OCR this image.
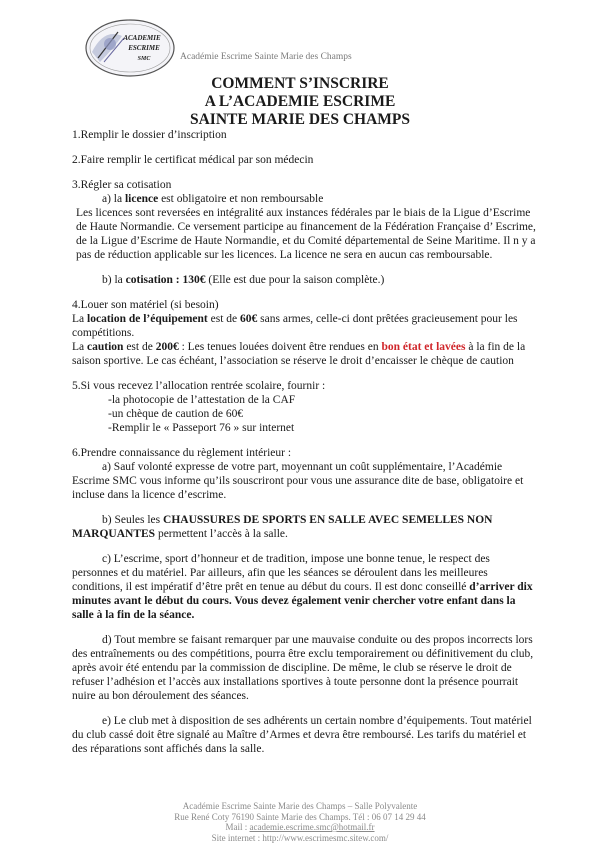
ACADEMIE
ESCRIME
SMC	Académie Escrime Sainte Marie des Champs
COMMENT S’INSCRIRE
A L’ACADEMIE ESCRIME
SAINTE MARIE DES CHAMPS

1.Remplir le dossier d’inscription

2.Faire remplir le certificat médical par son médecin

3.Régler sa cotisation

a) la licence est obligatoire et non remboursable

Les licences sont reversées en intégralité aux instances fédérales par le biais de la Ligue d’Escrime de Haute Normandie. Ce versement participe au financement de la Fédération Française d’ Escrime, de la Ligue d’Escrime de Haute Normandie, et du Comité départemental de Seine Maritime. Il n y a pas de réduction applicable sur les licences. La licence ne sera en aucun cas remboursable.

b) la cotisation : 130€ (Elle est due pour la saison complète.)

4.Louer son matériel (si besoin)

La location de l’équipement est de 60€ sans armes, celle-ci dont prêtées gracieusement pour les compétitions.

La caution est de 200€ : Les tenues louées doivent être rendues en bon état et lavées à la fin de la saison sportive. Le cas échéant, l’association se réserve le droit d’encaisser le chèque de caution

5.Si vous recevez l’allocation rentrée scolaire, fournir :

-la photocopie de l’attestation de la CAF

-un chèque de caution de 60€

-Remplir le « Passeport 76 » sur internet

6.Prendre connaissance du règlement intérieur :

a) Sauf volonté expresse de votre part, moyennant un coût supplémentaire, l’Académie Escrime SMC vous informe qu’ils souscriront pour vous une assurance dite de base, obligatoire et incluse dans la licence d’escrime.

b) Seules les CHAUSSURES DE SPORTS EN SALLE AVEC SEMELLES NON MARQUANTES permettent l’accès à la salle.

c) L’escrime, sport d’honneur et de tradition, impose une bonne tenue, le respect des personnes et du matériel. Par ailleurs, afin que les séances se déroulent dans les meilleures conditions, il est impératif d’être prêt en tenue au début du cours. Il est donc conseillé d’arriver dix minutes avant le début du cours. Vous devez également venir chercher votre enfant dans la salle à la fin de la séance.

d) Tout membre se faisant remarquer par une mauvaise conduite ou des propos incorrects lors des entraînements ou des compétitions, pourra être exclu temporairement ou définitivement du club, après avoir été entendu par la commission de discipline. De même, le club se réserve le droit de refuser l’adhésion et l’accès aux installations sportives à toute personne dont la présence pourrait nuire au bon déroulement des séances.

e) Le club met à disposition de ses adhérents un certain nombre d’équipements. Tout matériel du club cassé doit être signalé au Maître d’Armes et devra être remboursé. Les tarifs du matériel et des réparations sont affichés dans la salle.

Académie Escrime Sainte Marie des Champs – Salle Polyvalente
Rue René Coty 76190 Sainte Marie des Champs. Tél : 06 07 14 29 44
Mail : academie.escrime.smc@hotmail.fr
Site internet : http://www.escrimesmc.sitew.com/
